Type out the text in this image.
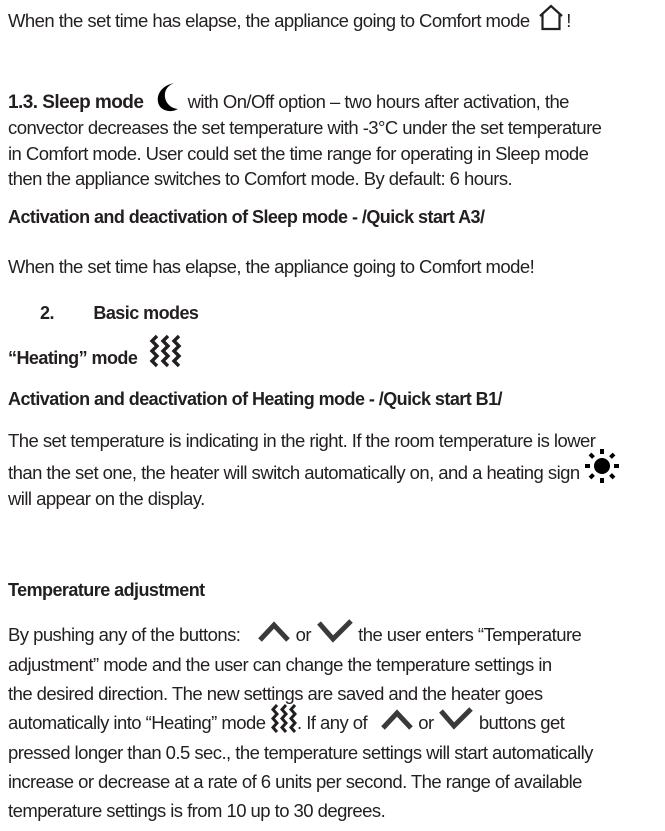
When the set time has elapse, the appliance going to Comfort mode !
1.3. Sleep mode with On/Off option – two hours after activation, the
convector decreases the set temperature with -3°C under the set temperature
in Comfort mode. User could set the time range for operating in Sleep mode
then the appliance switches to Comfort mode. By default: 6 hours.
Activation and deactivation of Sleep mode - /Quick start A3/
When the set time has elapse, the appliance going to Comfort mode!
2. Basic modes
“Heating” mode
Activation and deactivation of Heating mode - /Quick start B1/
The set temperature is indicating in the right. If the room temperature is lower
than the set one, the heater will switch automatically on, and a heating sign
will appear on the display.
Temperature adjustment
By pushing any of the buttons:	or	the user enters “Temperature
adjustment” mode and the user can change the temperature settings in
the desired direction. The new settings are saved and the heater goes
automatically into “Heating” mode . If any of	or buttons get
pressed longer than 0.5 sec., the temperature settings will start automatically
increase or decrease at a rate of 6 units per second. The range of available
temperature settings is from 10 up to 30 degrees.
